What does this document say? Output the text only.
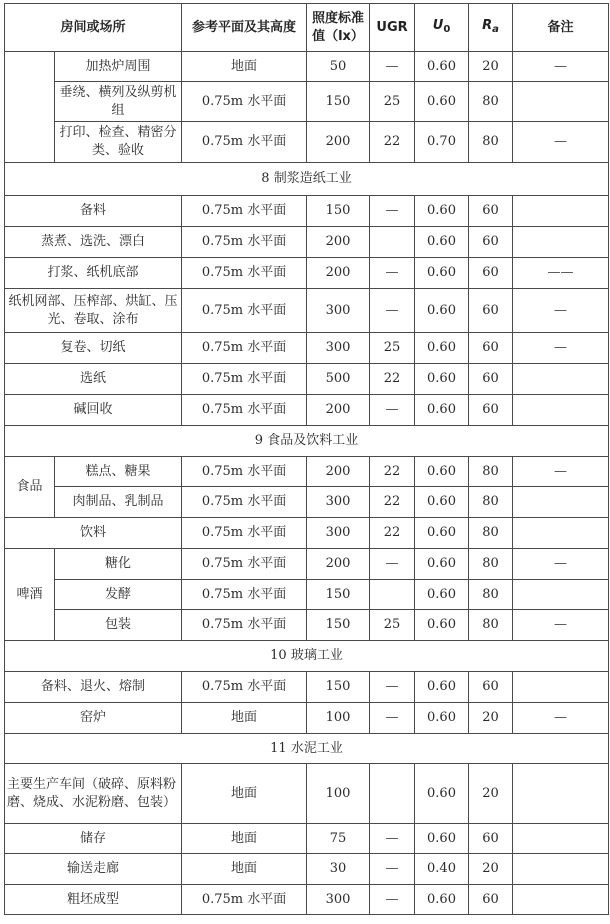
房间或场所		参考平面及其高度	照度标准值（lx）	UGR	$U_0$	$R_a$	备注
	加热炉周围	地面	50	—	0.60	20	—
	垂绕、横列及纵剪机组	0.75m 水平面	150	25	0.60	80	
	打印、检查、精密分类、验收	0.75m 水平面	200	22	0.70	80	—
8 制浆造纸工业							
备料		0.75m 水平面	150	—	0.60	60	
蒸煮、选洗、漂白		0.75m 水平面	200		0.60	60	
打浆、纸机底部		0.75m 水平面	200	—	0.60	60	——
纸机网部、压榨部、烘缸、压光、卷取、涂布		0.75m 水平面	300	—	0.60	60	—
复卷、切纸		0.75m 水平面	300	25	0.60	60	—
选纸		0.75m 水平面	500	22	0.60	60	
碱回收		0.75m 水平面	200	—	0.60	60	
9 食品及饮料工业							
食品	糕点、糖果	0.75m 水平面	200	22	0.60	80	—
	肉制品、乳制品	0.75m 水平面	300	22	0.60	80	
饮料		0.75m 水平面	300	22	0.60	80	
啤酒	糖化	0.75m 水平面	200	—	0.60	80	—
	发酵	0.75m 水平面	150		0.60	80	
	包装	0.75m 水平面	150	25	0.60	80	—
10 玻璃工业							
备料、退火、熔制		0.75m 水平面	150	—	0.60	60	
窑炉		地面	100	—	0.60	20	—
11 水泥工业							
主要生产车间（破碎、原料粉磨、烧成、水泥粉磨、包装）		地面	100		0.60	20	
储存		地面	75	—	0.60	60	
输送走廊		地面	30	—	0.40	20	
粗坯成型		0.75m 水平面	300	—	0.60	60	
